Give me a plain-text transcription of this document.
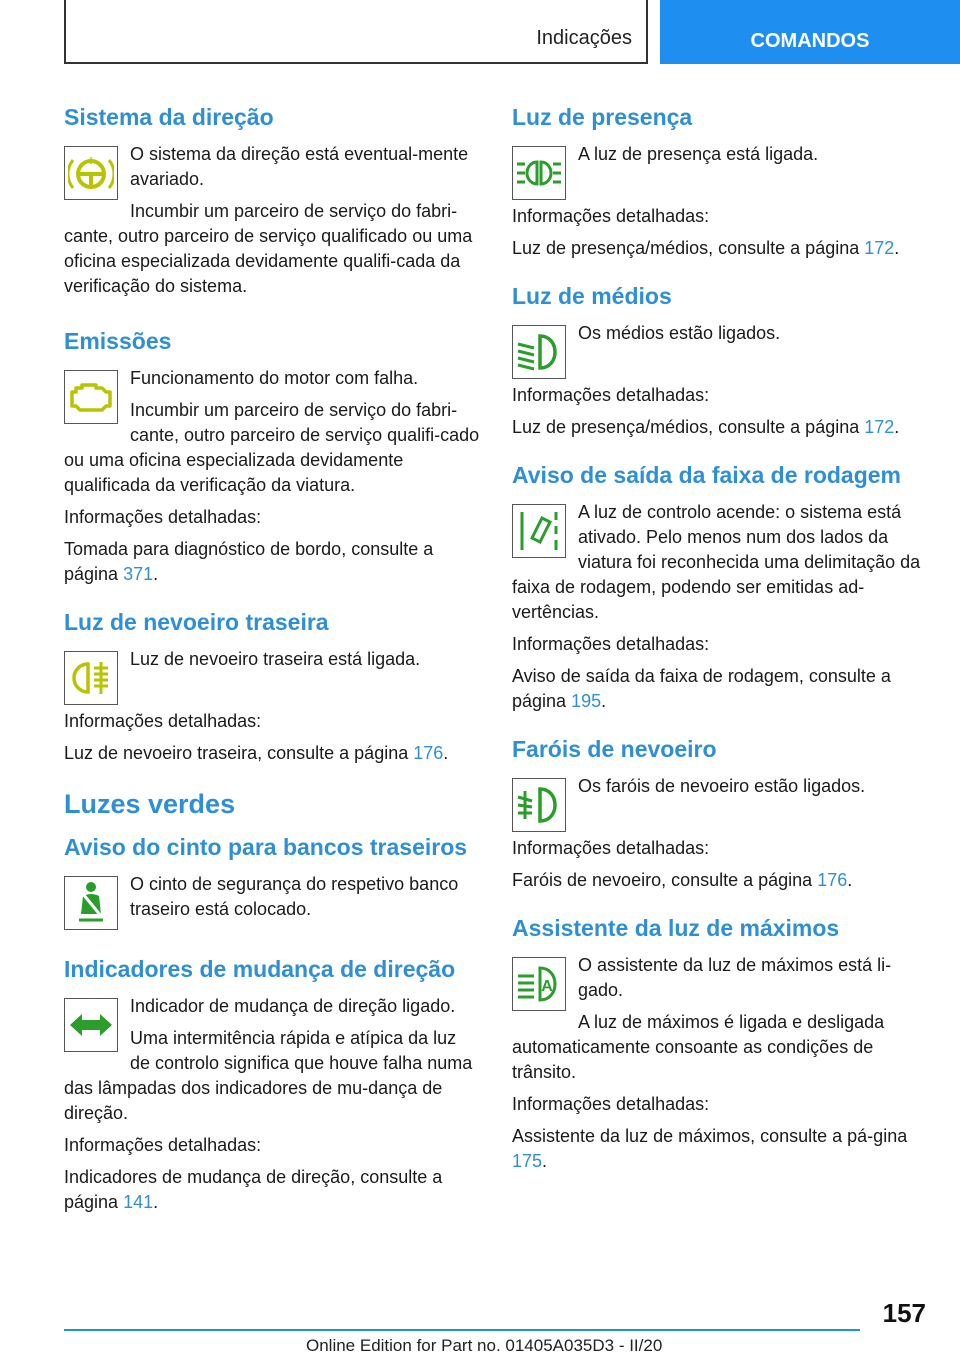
Indicações	COMANDOS
Sistema da direção
!	O sistema da direção está eventual-mente avariado.

Incumbir um parceiro de serviço do fabri-cante, outro parceiro de serviço qualificado ou uma oficina especializada devidamente qualifi-cada da verificação do sistema.

Emissões

Funcionamento do motor com falha.

Incumbir um parceiro de serviço do fabri-cante, outro parceiro de serviço qualifi-cado ou uma oficina especializada devidamente qualificada da verificação da viatura.

Informações detalhadas:

Tomada para diagnóstico de bordo, consulte a página 371.

Luz de nevoeiro traseira

Luz de nevoeiro traseira está ligada.

Informações detalhadas:

Luz de nevoeiro traseira, consulte a página 176.

Luzes verdes
Aviso do cinto para bancos traseiros

O cinto de segurança do respetivo banco traseiro está colocado.

Indicadores de mudança de direção

Indicador de mudança de direção ligado.

Uma intermitência rápida e atípica da luz de controlo significa que houve falha numa das lâmpadas dos indicadores de mu-dança de direção.

Informações detalhadas:

Indicadores de mudança de direção, consulte a página 141.

Luz de presença

A luz de presença está ligada.

Informações detalhadas:

Luz de presença/médios, consulte a página 172.

Luz de médios

Os médios estão ligados.

Informações detalhadas:

Luz de presença/médios, consulte a página 172.

Aviso de saída da faixa de rodagem

A luz de controlo acende: o sistema está ativado. Pelo menos num dos lados da viatura foi reconhecida uma delimitação da faixa de rodagem, podendo ser emitidas ad-vertências.

Informações detalhadas:

Aviso de saída da faixa de rodagem, consulte a página 195.

Faróis de nevoeiro

Os faróis de nevoeiro estão ligados.

Informações detalhadas:

Faróis de nevoeiro, consulte a página 176.

Assistente da luz de máximos
A

O assistente da luz de máximos está li-gado.

A luz de máximos é ligada e desligada automaticamente consoante as condições de trânsito.

Informações detalhadas:

Assistente da luz de máximos, consulte a pá-gina 175.

157
Online Edition for Part no. 01405A035D3 - II/20
